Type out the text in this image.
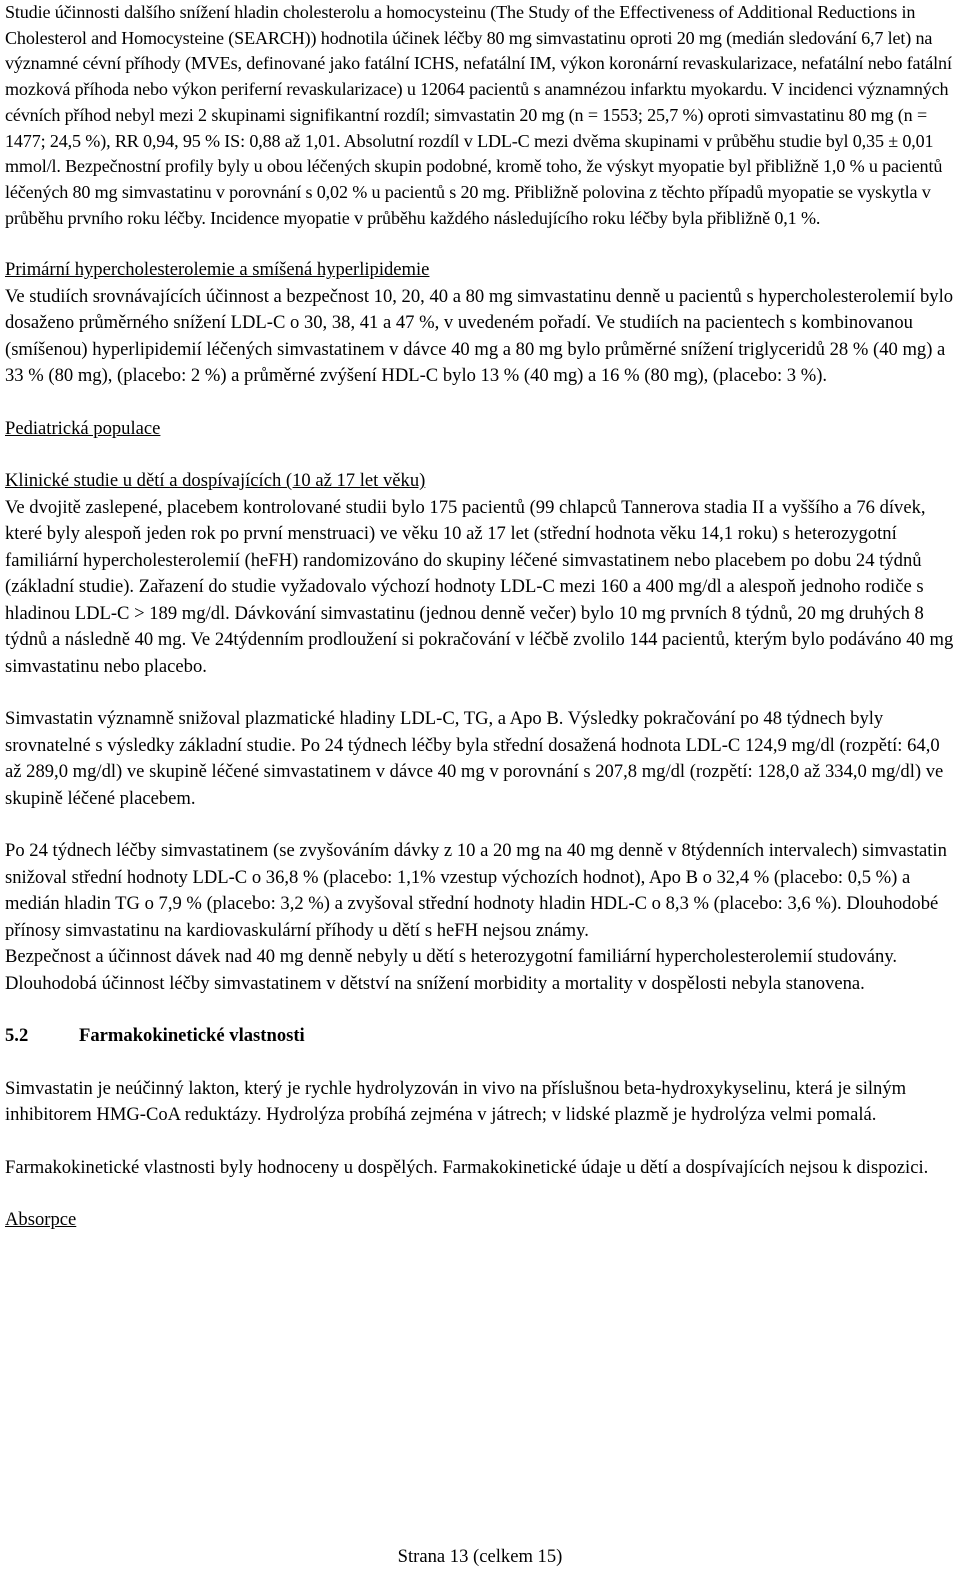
Studie účinnosti dalšího snížení hladin cholesterolu a homocysteinu (The Study of the Effectiveness of Additional Reductions in Cholesterol and Homocysteine (SEARCH)) hodnotila účinek léčby 80 mg simvastatinu oproti 20 mg (medián sledování 6,7 let) na významné cévní příhody (MVEs, definované jako fatální ICHS, nefatální IM, výkon koronární revaskularizace, nefatální nebo fatální mozková příhoda nebo výkon periferní revaskularizace) u 12064 pacientů s anamnézou infarktu myokardu. V incidenci významných cévních příhod nebyl mezi 2 skupinami signifikantní rozdíl; simvastatin 20 mg (n = 1553; 25,7 %) oproti simvastatinu 80 mg (n = 1477; 24,5 %), RR 0,94, 95 % IS: 0,88 až 1,01. Absolutní rozdíl v LDL-C mezi dvěma skupinami v průběhu studie byl 0,35 ± 0,01 mmol/l. Bezpečnostní profily byly u obou léčených skupin podobné, kromě toho, že výskyt myopatie byl přibližně 1,0 % u pacientů léčených 80 mg simvastatinu v porovnání s 0,02 % u pacientů s 20 mg. Přibližně polovina z těchto případů myopatie se vyskytla v průběhu prvního roku léčby. Incidence myopatie v průběhu každého následujícího roku léčby byla přibližně 0,1 %.

Primární hypercholesterolemie a smíšená hyperlipidemie

Ve studiích srovnávajících účinnost a bezpečnost 10, 20, 40 a 80 mg simvastatinu denně u pacientů s hypercholesterolemií bylo dosaženo průměrného snížení LDL-C o 30, 38, 41 a 47 %, v uvedeném pořadí. Ve studiích na pacientech s kombinovanou (smíšenou) hyperlipidemií léčených simvastatinem v dávce 40 mg a 80 mg bylo průměrné snížení triglyceridů 28 % (40 mg) a 33 % (80 mg), (placebo: 2 %) a průměrné zvýšení HDL-C bylo 13 % (40 mg) a 16 % (80 mg), (placebo: 3 %).

Pediatrická populace

Klinické studie u dětí a dospívajících (10 až 17 let věku)

Ve dvojitě zaslepené, placebem kontrolované studii bylo 175 pacientů (99 chlapců Tannerova stadia II a vyššího a 76 dívek, které byly alespoň jeden rok po první menstruaci) ve věku 10 až 17 let (střední hodnota věku 14,1 roku) s heterozygotní familiární hypercholesterolemií (heFH) randomizováno do skupiny léčené simvastatinem nebo placebem po dobu 24 týdnů (základní studie). Zařazení do studie vyžadovalo výchozí hodnoty LDL-C mezi 160 a 400 mg/dl a alespoň jednoho rodiče s hladinou LDL-C > 189 mg/dl. Dávkování simvastatinu (jednou denně večer) bylo 10 mg prvních 8 týdnů, 20 mg druhých 8 týdnů a následně 40 mg. Ve 24týdenním prodloužení si pokračování v léčbě zvolilo 144 pacientů, kterým bylo podáváno 40 mg simvastatinu nebo placebo.

Simvastatin významně snižoval plazmatické hladiny LDL-C, TG, a Apo B. Výsledky pokračování po 48 týdnech byly srovnatelné s výsledky základní studie. Po 24 týdnech léčby byla střední dosažená hodnota LDL-C 124,9 mg/dl (rozpětí: 64,0 až 289,0 mg/dl) ve skupině léčené simvastatinem v dávce 40 mg v porovnání s 207,8 mg/dl (rozpětí: 128,0 až 334,0 mg/dl) ve skupině léčené placebem.

Po 24 týdnech léčby simvastatinem (se zvyšováním dávky z 10 a 20 mg na 40 mg denně v 8týdenních intervalech) simvastatin snižoval střední hodnoty LDL-C o 36,8 % (placebo: 1,1% vzestup výchozích hodnot), Apo B o 32,4 % (placebo: 0,5 %) a medián hladin TG o 7,9 % (placebo: 3,2 %) a zvyšoval střední hodnoty hladin HDL-C o 8,3 % (placebo: 3,6 %). Dlouhodobé přínosy simvastatinu na kardiovaskulární příhody u dětí s heFH nejsou známy.

Bezpečnost a účinnost dávek nad 40 mg denně nebyly u dětí s heterozygotní familiární hypercholesterolemií studovány. Dlouhodobá účinnost léčby simvastatinem v dětství na snížení morbidity a mortality v dospělosti nebyla stanovena.

5.2	Farmakokinetické vlastnosti

Simvastatin je neúčinný lakton, který je rychle hydrolyzován in vivo na příslušnou beta-hydroxykyselinu, která je silným inhibitorem HMG-CoA reduktázy. Hydrolýza probíhá zejména v játrech; v lidské plazmě je hydrolýza velmi pomalá.

Farmakokinetické vlastnosti byly hodnoceny u dospělých. Farmakokinetické údaje u dětí a dospívajících nejsou k dispozici.

Absorpce

Strana 13 (celkem 15)
